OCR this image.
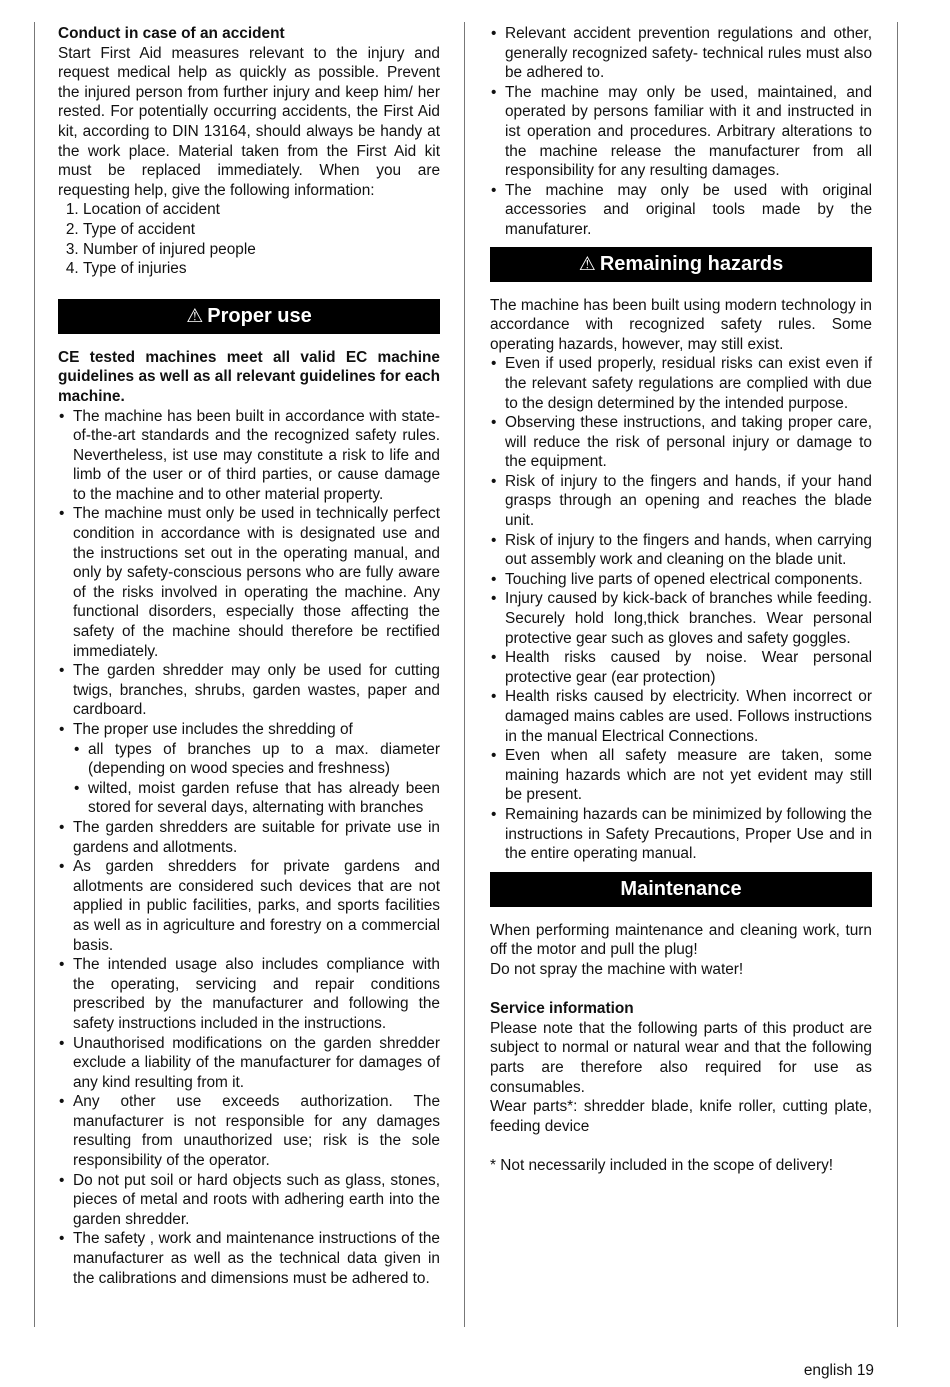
Conduct in case of an accident

Start First Aid measures relevant to the injury and request medical help as quickly as possible. Prevent the injured person from further injury and keep him/ her rested. For potentially occurring accidents, the First Aid kit, according to DIN 13164, should always be handy at the work place. Material taken from the First Aid kit must be replaced immediately. When you are requesting help, give the following information:

1. Location of accident
2. Type of accident
3. Number of injured people
4. Type of injuries
⚠ Proper use

CE tested machines meet all valid EC machine guidelines as well as all relevant guidelines for each machine.

• The machine has been built in accordance with state-of-the-art standards and the recognized safety rules. Nevertheless, ist use may constitute a risk to life and limb of the user or of third parties, or cause damage to the machine and to other material property.
• The machine must only be used in technically perfect condition in accordance with is designated use and the instructions set out in the operating manual, and only by safety-conscious persons who are fully aware of the risks involved in operating the machine. Any functional disorders, especially those affecting the safety of the machine should therefore be rectified immediately.
• The garden shredder may only be used for cutting twigs, branches, shrubs, garden wastes, paper and cardboard.
• The proper use includes the shredding of
• all types of branches up to a max. diameter (depending on wood species and freshness)
• wilted, moist garden refuse that has already been stored for several days, alternating with branches
• The garden shredders are suitable for private use in gardens and allotments.
• As garden shredders for private gardens and allotments are considered such devices that are not applied in public facilities, parks, and sports facilities as well as in agriculture and forestry on a commercial basis.
• The intended usage also includes compliance with the operating, servicing and repair conditions prescribed by the manufacturer and following the safety instructions included in the instructions.
• Unauthorised modifications on the garden shredder exclude a liability of the manufacturer for damages of any kind resulting from it.
• Any other use exceeds authorization. The manufacturer is not responsible for any damages resulting from unauthorized use; risk is the sole responsibility of the operator.
• Do not put soil or hard objects such as glass, stones, pieces of metal and roots with adhering earth into the garden shredder.
• The safety , work and maintenance instructions of the manufacturer as well as the technical data given in the calibrations and dimensions must be adhered to.
• Relevant accident prevention regulations and other, generally recognized safety- technical rules must also be adhered to.
• The machine may only be used, maintained, and operated by persons familiar with it and instructed in ist operation and procedures. Arbitrary alterations to the machine release the manufacturer from all responsibility for any resulting damages.
• The machine may only be used with original accessories and original tools made by the manufaturer.
⚠ Remaining hazards

The machine has been built using modern technology in accordance with recognized safety rules. Some operating hazards, however, may still exist.

• Even if used properly, residual risks can exist even if the relevant safety regulations are complied with due to the design determined by the intended purpose.
• Observing these instructions, and taking proper care, will reduce the risk of personal injury or damage to the equipment.
• Risk of injury to the fingers and hands, if your hand grasps through an opening and reaches the blade unit.
• Risk of injury to the fingers and hands, when carrying out assembly work and cleaning on the blade unit.
• Touching live parts of opened electrical components.
• Injury caused by kick-back of branches while feeding. Securely hold long,thick branches. Wear personal protective gear such as gloves and safety goggles.
• Health risks caused by noise. Wear personal protective gear (ear protection)
• Health risks caused by electricity. When incorrect or damaged mains cables are used. Follows instructions in the manual Electrical Connections.
• Even when all safety measure are taken, some maining hazards which are not yet evident may still be present.
• Remaining hazards can be minimized by following the instructions in Safety Precautions, Proper Use and in the entire operating manual.
Maintenance

When performing maintenance and cleaning work, turn off the motor and pull the plug!

Do not spray the machine with water!

Service information

Please note that the following parts of this product are subject to normal or natural wear and that the following parts are therefore also required for use as consumables.

Wear parts*: shredder blade, knife roller, cutting plate, feeding device

* Not necessarily included in the scope of delivery!

english 19
